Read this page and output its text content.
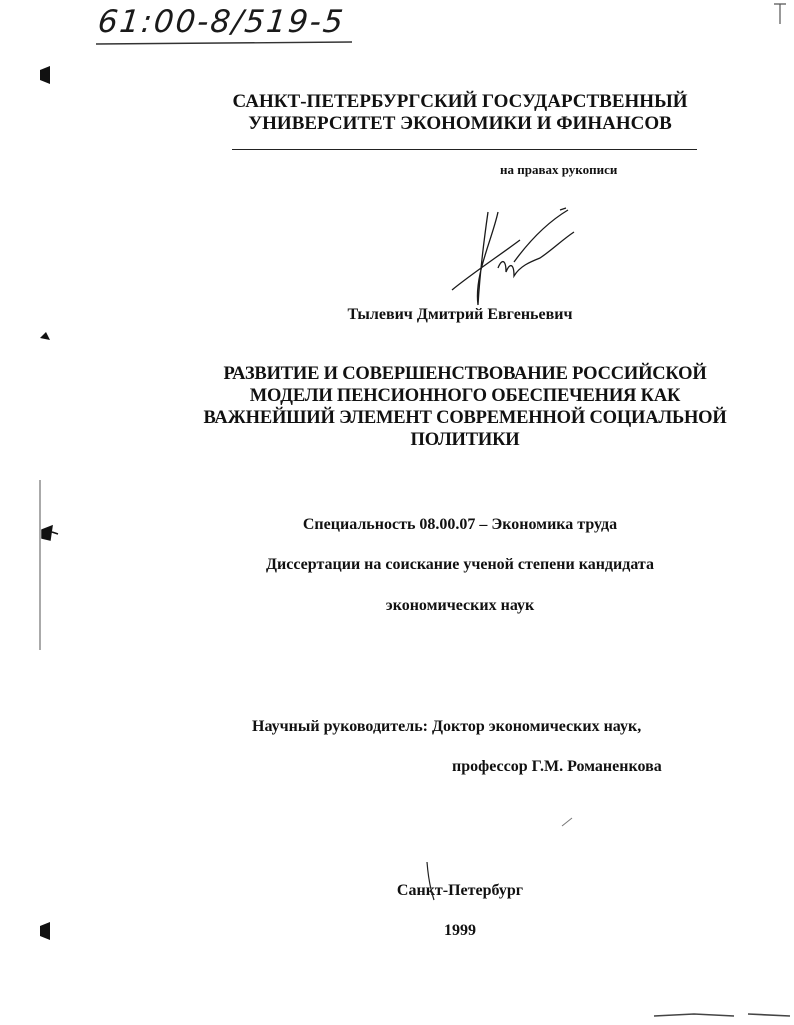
61:00-8/519-5
САНКТ-ПЕТЕРБУРГСКИЙ ГОСУДАРСТВЕННЫЙ
УНИВЕРСИТЕТ ЭКОНОМИКИ И ФИНАНСОВ
на правах рукописи
Тылевич Дмитрий Евгеньевич
РАЗВИТИЕ И СОВЕРШЕНСТВОВАНИЕ РОССИЙСКОЙ
МОДЕЛИ ПЕНСИОННОГО ОБЕСПЕЧЕНИЯ КАК
ВАЖНЕЙШИЙ ЭЛЕМЕНТ СОВРЕМЕННОЙ СОЦИАЛЬНОЙ
ПОЛИТИКИ
Специальность 08.00.07 – Экономика труда
Диссертации на соискание ученой степени кандидата
экономических наук
Научный руководитель: Доктор экономических наук,
профессор Г.М. Романенкова
Санкт-Петербург
1999
